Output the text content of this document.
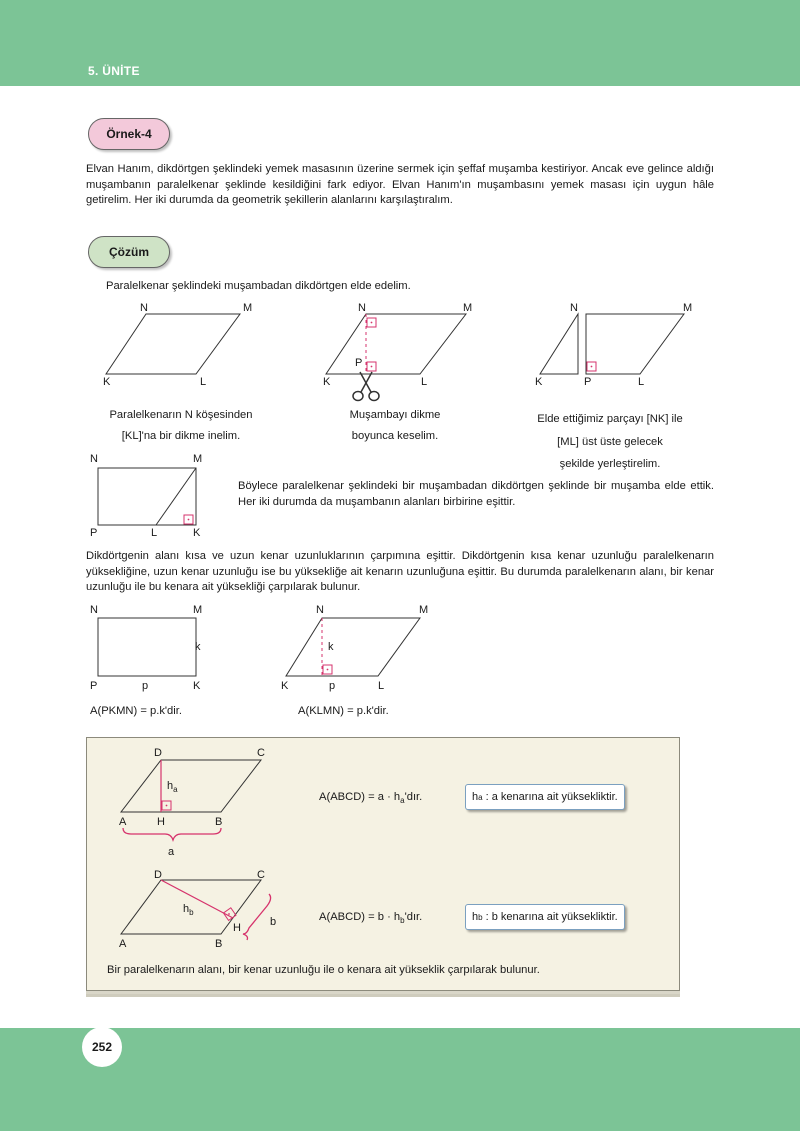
5. ÜNİTE
Örnek-4
Elvan Hanım, dikdörtgen şeklindeki yemek masasının üzerine sermek için şeffaf muşamba kestiriyor. Ancak eve gelince aldığı muşambanın paralelkenar şeklinde kesildiğini fark ediyor. Elvan Hanım'ın muşambasını yemek masası için uygun hâle getirelim. Her iki durumda da geometrik şekillerin alanlarını karşılaştıralım.
Çözüm
Paralelkenar şeklindeki muşambadan dikdörtgen elde edelim.
N	M
K	L
Paralelkenarın N köşesinden
[KL]'na bir dikme inelim.
N	M
P
K	L
Muşambayı dikme
boyunca keselim.
N	M
K	P	L
Elde ettiğimiz parçayı [NK] ile
[ML] üst üste gelecek
şekilde yerleştirelim.
N	M
P	L	K
Böylece paralelkenar şeklindeki bir muşambadan dikdörtgen şeklinde bir muşamba elde ettik. Her iki durumda da muşambanın alanları birbirine eşittir.
Dikdörtgenin alanı kısa ve uzun kenar uzunluklarının çarpımına eşittir. Dikdörtgenin kısa kenar uzunluğu paralelkenarın yüksekliğine, uzun kenar uzunluğu ise bu yüksekliğe ait kenarın uzunluğuna eşittir. Bu durumda paralelkenarın alanı, bir kenar uzunluğu ile bu kenara ait yüksekliği çarpılarak bulunur.
N	M
k
P	p	K
A(PKMN) = p.k'dir.
N	M
k
K	p	L
A(KLMN) = p.k'dir.
D	C
$h_a$
A	H	B
a
A(ABCD) = $a \cdot h_a'dır$.	h a
: a kenarına ait yüksekliktir.
D	C
$h_b$
H	b
A	B
A(ABCD) = $b \cdot h_b'dır$.	h b
: b kenarına ait yüksekliktir.
Bir paralelkenarın alanı, bir kenar uzunluğu ile o kenara ait yükseklik çarpılarak bulunur.
252
